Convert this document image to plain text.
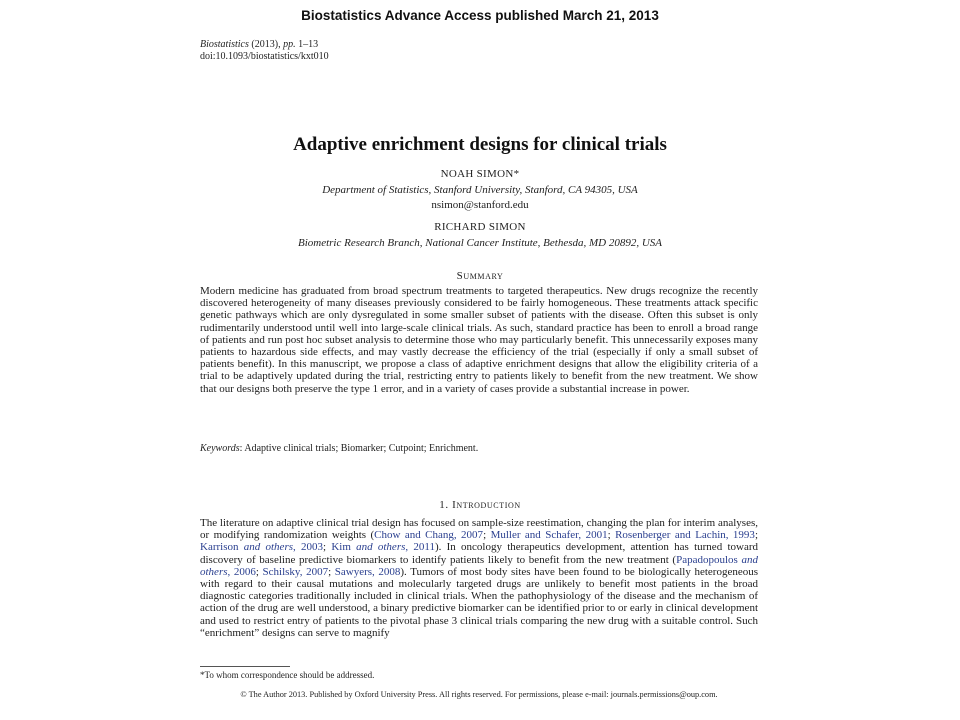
Biostatistics Advance Access published March 21, 2013
Biostatistics (2013), pp. 1–13
doi:10.1093/biostatistics/kxt010
Adaptive enrichment designs for clinical trials
NOAH SIMON*
Department of Statistics, Stanford University, Stanford, CA 94305, USA
nsimon@stanford.edu
RICHARD SIMON
Biometric Research Branch, National Cancer Institute, Bethesda, MD 20892, USA
Summary

Modern medicine has graduated from broad spectrum treatments to targeted therapeutics. New drugs recognize the recently discovered heterogeneity of many diseases previously considered to be fairly homogeneous. These treatments attack specific genetic pathways which are only dysregulated in some smaller subset of patients with the disease. Often this subset is only rudimentarily understood until well into large-scale clinical trials. As such, standard practice has been to enroll a broad range of patients and run post hoc subset analysis to determine those who may particularly benefit. This unnecessarily exposes many patients to hazardous side effects, and may vastly decrease the efficiency of the trial (especially if only a small subset of patients benefit). In this manuscript, we propose a class of adaptive enrichment designs that allow the eligibility criteria of a trial to be adaptively updated during the trial, restricting entry to patients likely to benefit from the new treatment. We show that our designs both preserve the type 1 error, and in a variety of cases provide a substantial increase in power.

Keywords: Adaptive clinical trials; Biomarker; Cutpoint; Enrichment.
1. Introduction

The literature on adaptive clinical trial design has focused on sample-size reestimation, changing the plan for interim analyses, or modifying randomization weights (Chow and Chang, 2007; Muller and Schafer, 2001; Rosenberger and Lachin, 1993; Karrison and others, 2003; Kim and others, 2011). In oncology therapeutics development, attention has turned toward discovery of baseline predictive biomarkers to identify patients likely to benefit from the new treatment (Papadopoulos and others, 2006; Schilsky, 2007; Sawyers, 2008). Tumors of most body sites have been found to be biologically heterogeneous with regard to their causal mutations and molecularly targeted drugs are unlikely to benefit most patients in the broad diagnostic categories traditionally included in clinical trials. When the pathophysiology of the disease and the mechanism of action of the drug are well understood, a binary predictive biomarker can be identified prior to or early in clinical development and used to restrict entry of patients to the pivotal phase 3 clinical trials comparing the new drug with a suitable control. Such “enrichment” designs can serve to magnify

*To whom correspondence should be addressed.
© The Author 2013. Published by Oxford University Press. All rights reserved. For permissions, please e-mail: journals.permissions@oup.com.
